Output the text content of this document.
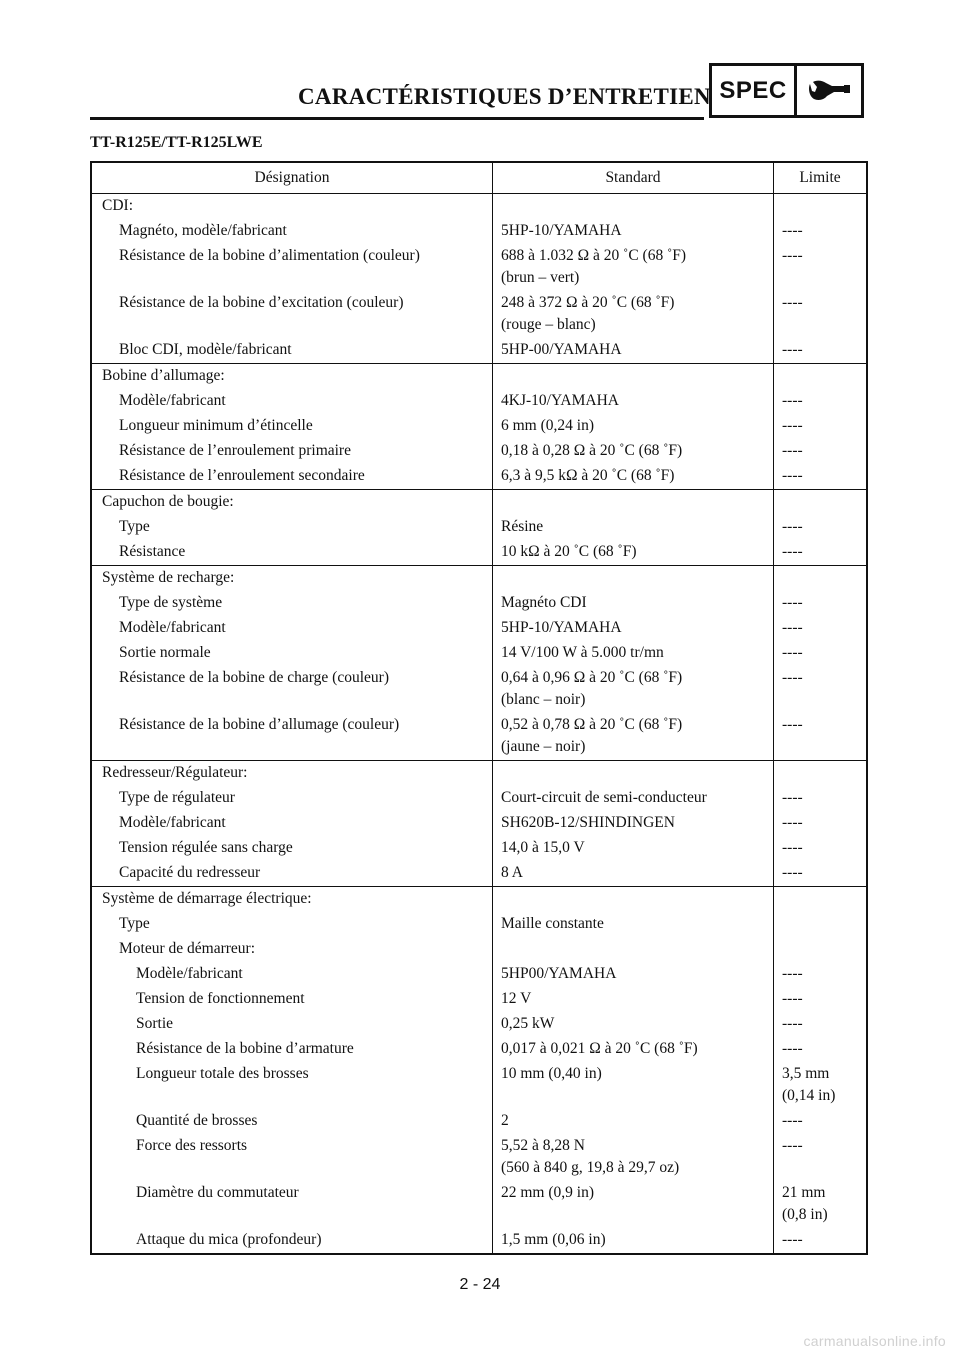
CARACTÉRISTIQUES D’ENTRETIEN SPEC
TT-R125E/TT-R125LWE
Désignation	Standard	Limite
CDI:		
Magnéto, modèle/fabricant	5HP-10/YAMAHA	----

Résistance de la bobine d’alimentation (couleur)	688 à 1.032 Ω à 20 ˚C (68 ˚F)
(brun – vert)	----

Résistance de la bobine d’excitation (couleur)	248 à 372 Ω à 20 ˚C (68 ˚F)
(rouge – blanc)	----

Bloc CDI, modèle/fabricant	5HP-00/YAMAHA	----

Bobine d’allumage:		
Modèle/fabricant	4KJ-10/YAMAHA	----

Longueur minimum d’étincelle	6 mm (0,24 in)	----

Résistance de l’enroulement primaire	0,18 à 0,28 Ω à 20 ˚C (68 ˚F)	----

Résistance de l’enroulement secondaire	6,3 à 9,5 kΩ à 20 ˚C (68 ˚F)	----

Capuchon de bougie:		
Type	Résine	----

Résistance	10 kΩ à 20 ˚C (68 ˚F)	----

Système de recharge:		
Type de système	Magnéto CDI	----

Modèle/fabricant	5HP-10/YAMAHA	----

Sortie normale	14 V/100 W à 5.000 tr/mn	----

Résistance de la bobine de charge (couleur)	0,64 à 0,96 Ω à 20 ˚C (68 ˚F)
(blanc – noir)	----

Résistance de la bobine d’allumage (couleur)	0,52 à 0,78 Ω à 20 ˚C (68 ˚F)
(jaune – noir)	----

Redresseur/Régulateur:		
Type de régulateur	Court-circuit de semi-conducteur	----

Modèle/fabricant	SH620B-12/SHINDINGEN	----

Tension régulée sans charge	14,0 à 15,0 V	----

Capacité du redresseur	8 A	----

Système de démarrage électrique:		
Type	Maille constante	

Moteur de démarreur:		
Modèle/fabricant	5HP00/YAMAHA	----

Tension de fonctionnement	12 V	----

Sortie	0,25 kW	----

Résistance de la bobine d’armature	0,017 à 0,021 Ω à 20 ˚C (68 ˚F)	----

Longueur totale des brosses	10 mm (0,40 in)	3,5 mm
(0,14 in)

Quantité de brosses	2	----

Force des ressorts	5,52 à 8,28 N
(560 à 840 g, 19,8 à 29,7 oz)	----

Diamètre du commutateur	22 mm (0,9 in)	21 mm
(0,8 in)

Attaque du mica (profondeur)	1,5 mm (0,06 in)	----
2 - 24
carmanualsonline.info
